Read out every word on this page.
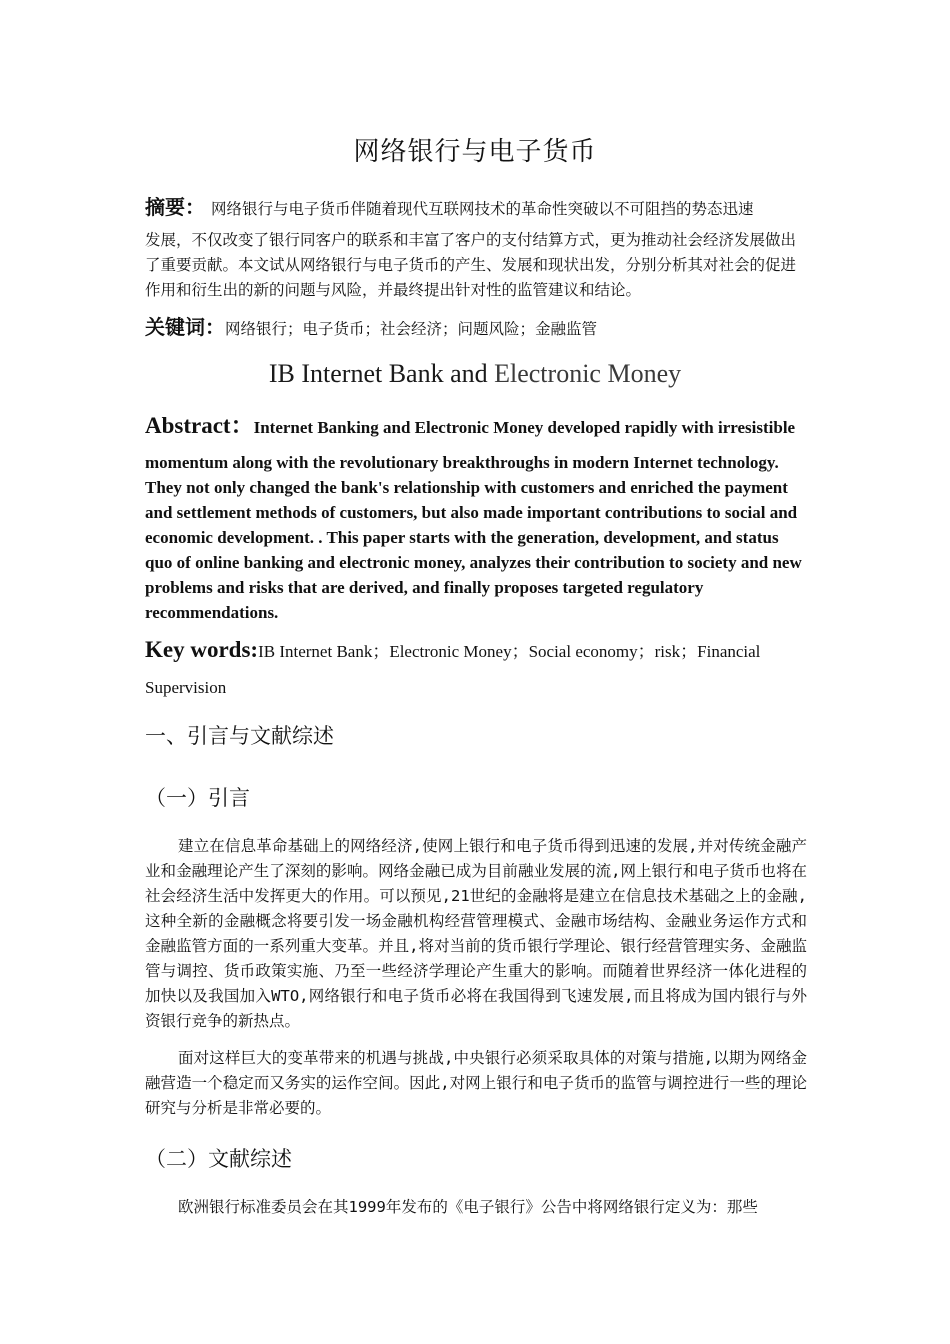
网络银行与电子货币
摘要： 网络银行与电子货币伴随着现代互联网技术的革命性突破以不可阻挡的势态迅速
发展，不仅改变了银行同客户的联系和丰富了客户的支付结算方式，更为推动社会经济发展做出了重要贡献。本文试从网络银行与电子货币的产生、发展和现状出发，分别分析其对社会的促进作用和衍生出的新的问题与风险，并最终提出针对性的监管建议和结论。
关键词：网络银行；电子货币；社会经济；问题风险；金融监管
IB Internet Bank and Electronic Money
Abstract：Internet Banking and Electronic Money developed rapidly with irresistible
momentum along with the revolutionary breakthroughs in modern Internet technology. They not only changed the bank's relationship with customers and enriched the payment and settlement methods of customers, but also made important contributions to social and economic development. . This paper starts with the generation, development, and status quo of online banking and electronic money, analyzes their contribution to society and new problems and risks that are derived, and finally proposes targeted regulatory recommendations.
Key words:IB Internet Bank；Electronic Money；Social economy；risk；Financial Supervision
一、引言与文献综述
（一）引言
建立在信息革命基础上的网络经济,使网上银行和电子货币得到迅速的发展,并对传统金融产业和金融理论产生了深刻的影响。网络金融已成为目前融业发展的流,网上银行和电子货币也将在社会经济生活中发挥更大的作用。可以预见,21世纪的金融将是建立在信息技术基础之上的金融,这种全新的金融概念将要引发一场金融机构经营管理模式、金融市场结构、金融业务运作方式和金融监管方面的一系列重大变革。并且,将对当前的货币银行学理论、银行经营管理实务、金融监管与调控、货币政策实施、乃至一些经济学理论产生重大的影响。而随着世界经济一体化进程的加快以及我国加入WTO,网络银行和电子货币必将在我国得到飞速发展,而且将成为国内银行与外资银行竞争的新热点。
面对这样巨大的变革带来的机遇与挑战,中央银行必须采取具体的对策与措施,以期为网络金融营造一个稳定而又务实的运作空间。因此,对网上银行和电子货币的监管与调控进行一些的理论研究与分析是非常必要的。
（二）文献综述
欧洲银行标准委员会在其1999年发布的《电子银行》公告中将网络银行定义为：那些
